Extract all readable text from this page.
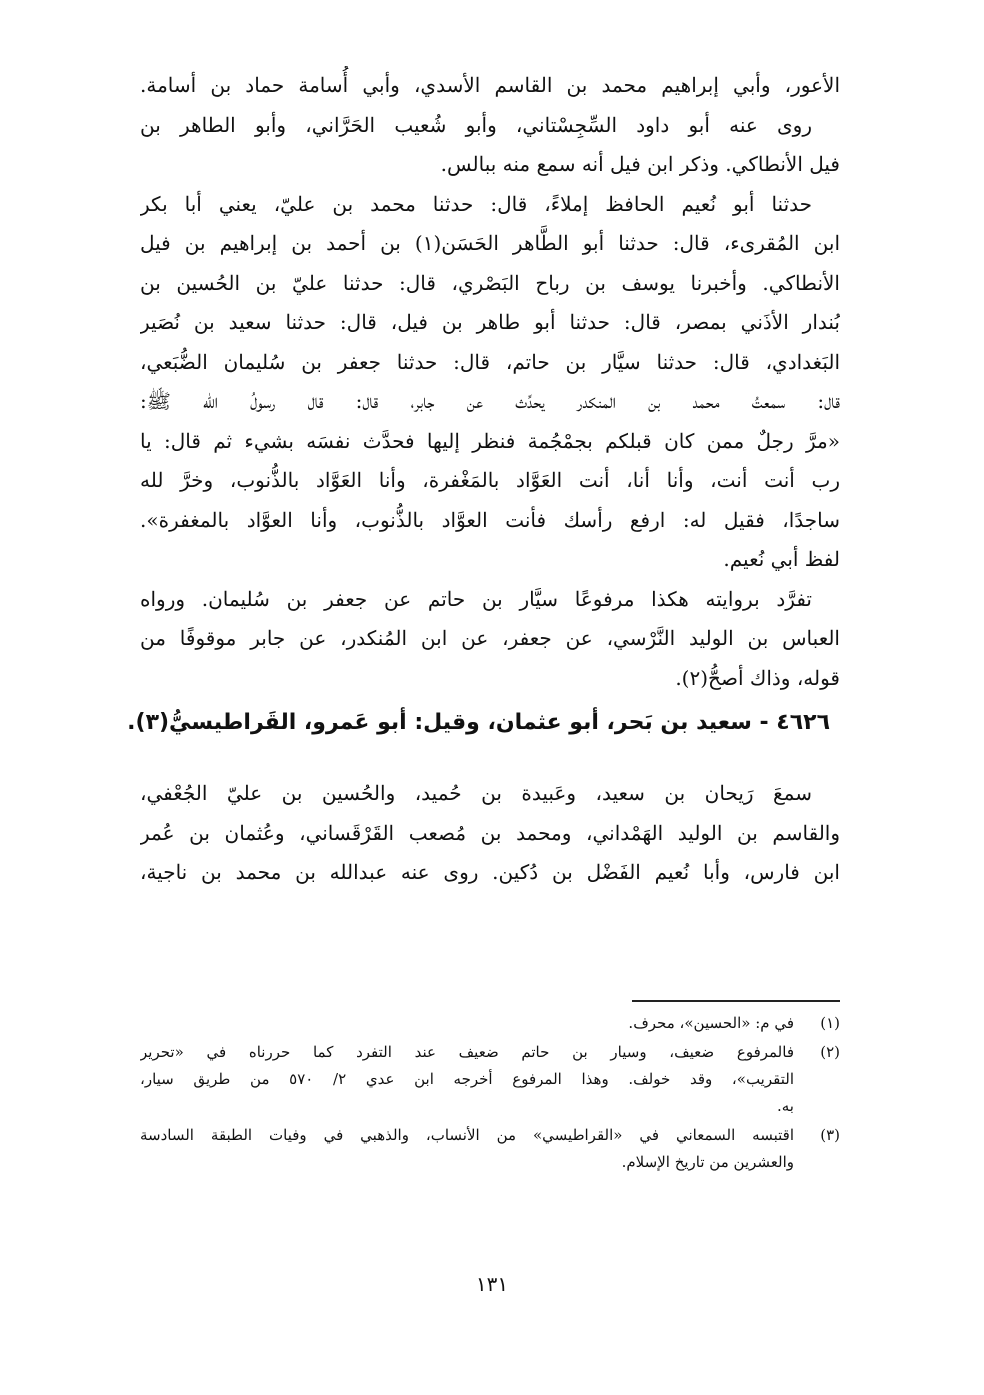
الأعور، وأبي إبراهيم محمد بن القاسم الأسدي، وأبي أُسامة حماد بن أسامة.
روى عنه أبو داود السِّجِسْتاني، وأبو شُعيب الحَرَّاني، وأبو الطاهر بن
فيل الأنطاكي. وذكر ابن فيل أنه سمع منه ببالس.
حدثنا أبو نُعيم الحافظ إملاءً، قال: حدثنا محمد بن عليّ، يعني أبا بكر
ابن المُقرىء، قال: حدثنا أبو الطَّاهر الحَسَن(١) بن أحمد بن إبراهيم بن فيل
الأنطاكي. وأخبرنا يوسف بن رباح البَصْري، قال: حدثنا عليّ بن الحُسين بن
بُندار الأذَني بمصر، قال: حدثنا أبو طاهر بن فيل، قال: حدثنا سعيد بن نُصَير
البَغدادي، قال: حدثنا سيَّار بن حاتم، قال: حدثنا جعفر بن سُليمان الضُّبَعي،
قال: سمعتُ محمد بن المنكدر يحدِّث عن جابر، قال: قال رسولُ الله ﷺ:
«مرَّ رجلٌ ممن كان قبلكم بجمْجُمة فنظر إليها فحدَّث نفسَه بشيء ثم قال: يا
رب أنت أنت، وأنا أنا، أنت العَوَّاد بالمَغْفرة، وأنا العَوَّاد بالذُّنوب، وخرَّ لله
ساجدًا، فقيل له: ارفع رأسك فأنت العوَّاد بالذُّنوب، وأنا العوَّاد بالمغفرة».
لفظ أبي نُعيم.
تفرَّد بروايته هكذا مرفوعًا سيَّار بن حاتم عن جعفر بن سُليمان. ورواه
العباس بن الوليد النَّرْسي، عن جعفر، عن ابن المُنكدر، عن جابر موقوفًا من
قوله، وذاك أصحُّ(٢).
٤٦٢٦ - سعيد بن بَحر، أبو عثمان، وقيل: أبو عَمرو، القَراطيسيُّ(٣).
سمعَ رَيحان بن سعيد، وعَبيدة بن حُميد، والحُسين بن عليّ الجُعْفي،
والقاسم بن الوليد الهَمْداني، ومحمد بن مُصعب القَرْقَساني، وعُثمان بن عُمر
ابن فارس، وأبا نُعيم الفَضْل بن دُكين. روى عنه عبدالله بن محمد بن ناجية،
(١)
في م: «الحسين»، محرف.
(٢)
فالمرفوع ضعيف، وسيار بن حاتم ضعيف عند التفرد كما حررناه في «تحرير
التقريب»، وقد خولف. وهذا المرفوع أخرجه ابن عدي ٢/ ٥٧٠ من طريق سيار،
به.
(٣)
اقتبسه السمعاني في «القراطيسي» من الأنساب، والذهبي في وفيات الطبقة السادسة
والعشرين من تاريخ الإسلام.
١٣١
